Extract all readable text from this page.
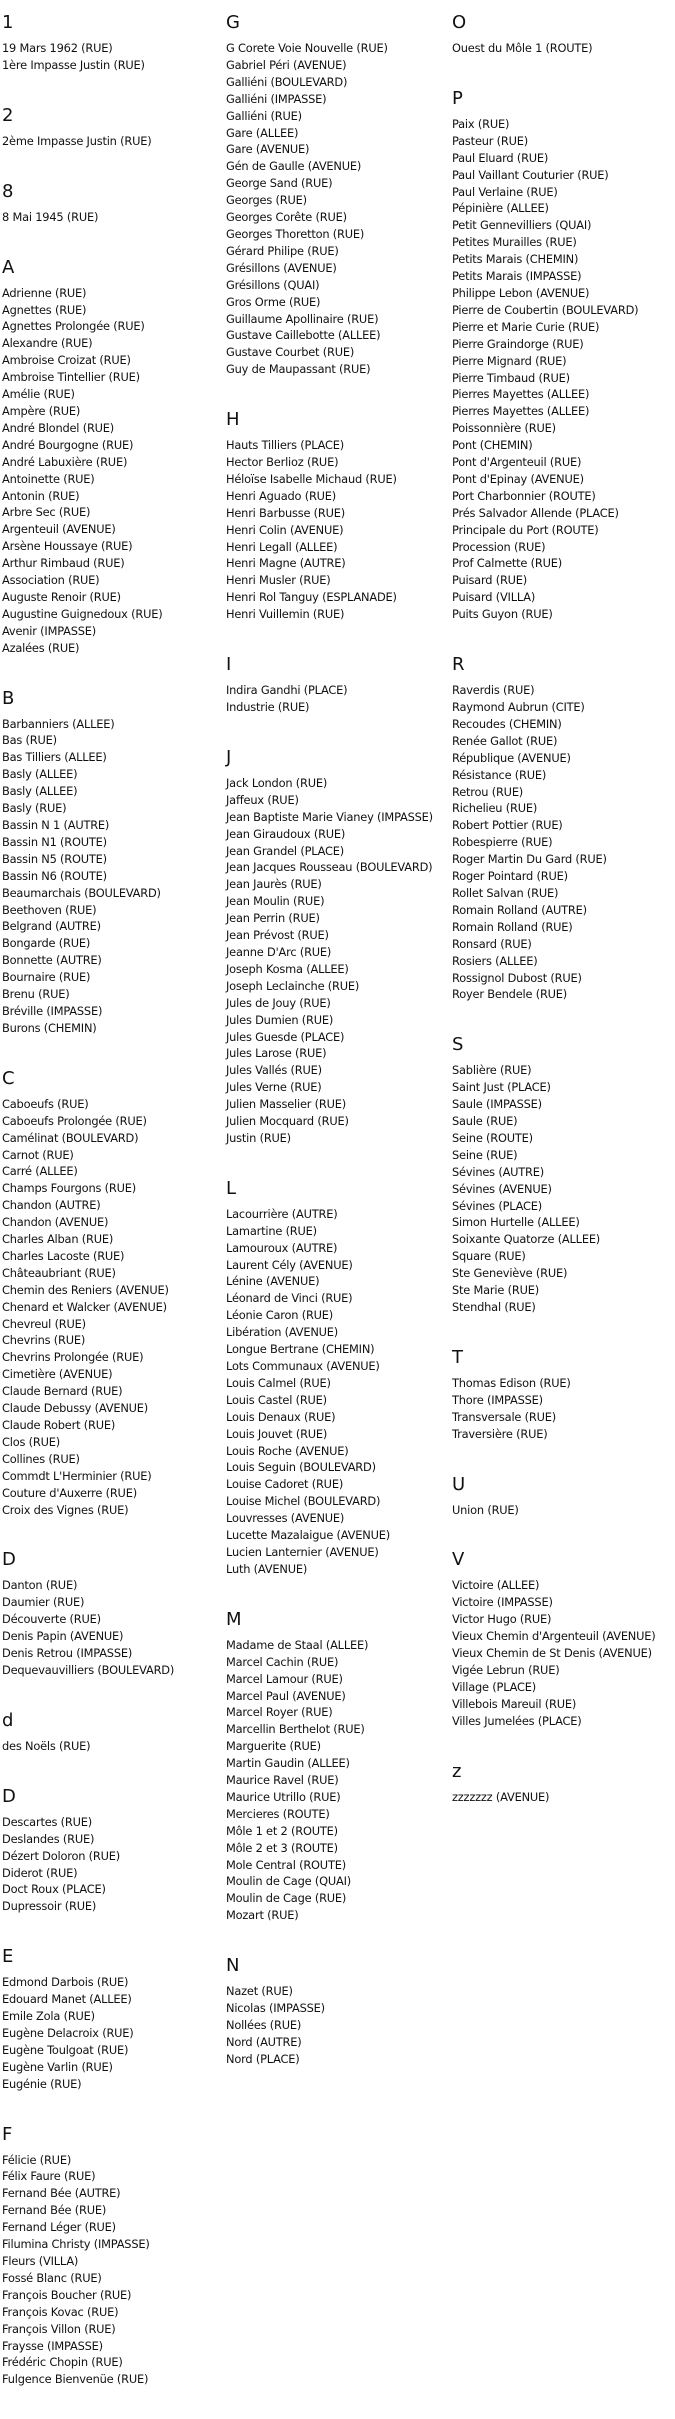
1
19 Mars 1962 (RUE)
1ère Impasse Justin (RUE)
2
2ème Impasse Justin (RUE)
8
8 Mai 1945 (RUE)
A
Adrienne (RUE)
Agnettes (RUE)
Agnettes Prolongée (RUE)
Alexandre (RUE)
Ambroise Croizat (RUE)
Ambroise Tintellier (RUE)
Amélie (RUE)
Ampère (RUE)
André Blondel (RUE)
André Bourgogne (RUE)
André Labuxière (RUE)
Antoinette (RUE)
Antonin (RUE)
Arbre Sec (RUE)
Argenteuil (AVENUE)
Arsène Houssaye (RUE)
Arthur Rimbaud (RUE)
Association (RUE)
Auguste Renoir (RUE)
Augustine Guignedoux (RUE)
Avenir (IMPASSE)
Azalées (RUE)
B
Barbanniers (ALLEE)
Bas (RUE)
Bas Tilliers (ALLEE)
Basly (ALLEE)
Basly (ALLEE)
Basly (RUE)
Bassin N 1 (AUTRE)
Bassin N1 (ROUTE)
Bassin N5 (ROUTE)
Bassin N6 (ROUTE)
Beaumarchais (BOULEVARD)
Beethoven (RUE)
Belgrand (AUTRE)
Bongarde (RUE)
Bonnette (AUTRE)
Bournaire (RUE)
Brenu (RUE)
Bréville (IMPASSE)
Burons (CHEMIN)
C
Caboeufs (RUE)
Caboeufs Prolongée (RUE)
Camélinat (BOULEVARD)
Carnot (RUE)
Carré (ALLEE)
Champs Fourgons (RUE)
Chandon (AUTRE)
Chandon (AVENUE)
Charles Alban (RUE)
Charles Lacoste (RUE)
Châteaubriant (RUE)
Chemin des Reniers (AVENUE)
Chenard et Walcker (AVENUE)
Chevreul (RUE)
Chevrins (RUE)
Chevrins Prolongée (RUE)
Cimetière (AVENUE)
Claude Bernard (RUE)
Claude Debussy (AVENUE)
Claude Robert (RUE)
Clos (RUE)
Collines (RUE)
Commdt L'Herminier (RUE)
Couture d'Auxerre (RUE)
Croix des Vignes (RUE)
D
Danton (RUE)
Daumier (RUE)
Découverte (RUE)
Denis Papin (AVENUE)
Denis Retrou (IMPASSE)
Dequevauvilliers (BOULEVARD)
d
des Noëls (RUE)
D
Descartes (RUE)
Deslandes (RUE)
Dézert Doloron (RUE)
Diderot (RUE)
Doct Roux (PLACE)
Dupressoir (RUE)
E
Edmond Darbois (RUE)
Edouard Manet (ALLEE)
Emile Zola (RUE)
Eugène Delacroix (RUE)
Eugène Toulgoat (RUE)
Eugène Varlin (RUE)
Eugénie (RUE)
F
Félicie (RUE)
Félix Faure (RUE)
Fernand Bée (AUTRE)
Fernand Bée (RUE)
Fernand Léger (RUE)
Filumina Christy (IMPASSE)
Fleurs (VILLA)
Fossé Blanc (RUE)
François Boucher (RUE)
François Kovac (RUE)
François Villon (RUE)
Fraysse (IMPASSE)
Frédéric Chopin (RUE)
Fulgence Bienvenüe (RUE)
G
G Corete Voie Nouvelle (RUE)
Gabriel Péri (AVENUE)
Galliéni (BOULEVARD)
Galliéni (IMPASSE)
Galliéni (RUE)
Gare (ALLEE)
Gare (AVENUE)
Gén de Gaulle (AVENUE)
George Sand (RUE)
Georges (RUE)
Georges Corête (RUE)
Georges Thoretton (RUE)
Gérard Philipe (RUE)
Grésillons (AVENUE)
Grésillons (QUAI)
Gros Orme (RUE)
Guillaume Apollinaire (RUE)
Gustave Caillebotte (ALLEE)
Gustave Courbet (RUE)
Guy de Maupassant (RUE)
H
Hauts Tilliers (PLACE)
Hector Berlioz (RUE)
Héloïse Isabelle Michaud (RUE)
Henri Aguado (RUE)
Henri Barbusse (RUE)
Henri Colin (AVENUE)
Henri Legall (ALLEE)
Henri Magne (AUTRE)
Henri Musler (RUE)
Henri Rol Tanguy (ESPLANADE)
Henri Vuillemin (RUE)
I
Indira Gandhi (PLACE)
Industrie (RUE)
J
Jack London (RUE)
Jaffeux (RUE)
Jean Baptiste Marie Vianey (IMPASSE)
Jean Giraudoux (RUE)
Jean Grandel (PLACE)
Jean Jacques Rousseau (BOULEVARD)
Jean Jaurès (RUE)
Jean Moulin (RUE)
Jean Perrin (RUE)
Jean Prévost (RUE)
Jeanne D'Arc (RUE)
Joseph Kosma (ALLEE)
Joseph Leclainche (RUE)
Jules de Jouy (RUE)
Jules Dumien (RUE)
Jules Guesde (PLACE)
Jules Larose (RUE)
Jules Vallés (RUE)
Jules Verne (RUE)
Julien Masselier (RUE)
Julien Mocquard (RUE)
Justin (RUE)
L
Lacourrière (AUTRE)
Lamartine (RUE)
Lamouroux (AUTRE)
Laurent Cély (AVENUE)
Lénine (AVENUE)
Léonard de Vinci (RUE)
Léonie Caron (RUE)
Libération (AVENUE)
Longue Bertrane (CHEMIN)
Lots Communaux (AVENUE)
Louis Calmel (RUE)
Louis Castel (RUE)
Louis Denaux (RUE)
Louis Jouvet (RUE)
Louis Roche (AVENUE)
Louis Seguin (BOULEVARD)
Louise Cadoret (RUE)
Louise Michel (BOULEVARD)
Louvresses (AVENUE)
Lucette Mazalaigue (AVENUE)
Lucien Lanternier (AVENUE)
Luth (AVENUE)
M
Madame de Staal (ALLEE)
Marcel Cachin (RUE)
Marcel Lamour (RUE)
Marcel Paul (AVENUE)
Marcel Royer (RUE)
Marcellin Berthelot (RUE)
Marguerite (RUE)
Martin Gaudin (ALLEE)
Maurice Ravel (RUE)
Maurice Utrillo (RUE)
Mercieres (ROUTE)
Môle 1 et 2 (ROUTE)
Môle 2 et 3 (ROUTE)
Mole Central (ROUTE)
Moulin de Cage (QUAI)
Moulin de Cage (RUE)
Mozart (RUE)
N
Nazet (RUE)
Nicolas (IMPASSE)
Nollées (RUE)
Nord (AUTRE)
Nord (PLACE)
O
Ouest du Môle 1 (ROUTE)
P
Paix (RUE)
Pasteur (RUE)
Paul Eluard (RUE)
Paul Vaillant Couturier (RUE)
Paul Verlaine (RUE)
Pépinière (ALLEE)
Petit Gennevilliers (QUAI)
Petites Murailles (RUE)
Petits Marais (CHEMIN)
Petits Marais (IMPASSE)
Philippe Lebon (AVENUE)
Pierre de Coubertin (BOULEVARD)
Pierre et Marie Curie (RUE)
Pierre Graindorge (RUE)
Pierre Mignard (RUE)
Pierre Timbaud (RUE)
Pierres Mayettes (ALLEE)
Pierres Mayettes (ALLEE)
Poissonnière (RUE)
Pont (CHEMIN)
Pont d'Argenteuil (RUE)
Pont d'Epinay (AVENUE)
Port Charbonnier (ROUTE)
Prés Salvador Allende (PLACE)
Principale du Port (ROUTE)
Procession (RUE)
Prof Calmette (RUE)
Puisard (RUE)
Puisard (VILLA)
Puits Guyon (RUE)
R
Raverdis (RUE)
Raymond Aubrun (CITE)
Recoudes (CHEMIN)
Renée Gallot (RUE)
République (AVENUE)
Résistance (RUE)
Retrou (RUE)
Richelieu (RUE)
Robert Pottier (RUE)
Robespierre (RUE)
Roger Martin Du Gard (RUE)
Roger Pointard (RUE)
Rollet Salvan (RUE)
Romain Rolland (AUTRE)
Romain Rolland (RUE)
Ronsard (RUE)
Rosiers (ALLEE)
Rossignol Dubost (RUE)
Royer Bendele (RUE)
S
Sablière (RUE)
Saint Just (PLACE)
Saule (IMPASSE)
Saule (RUE)
Seine (ROUTE)
Seine (RUE)
Sévines (AUTRE)
Sévines (AVENUE)
Sévines (PLACE)
Simon Hurtelle (ALLEE)
Soixante Quatorze (ALLEE)
Square (RUE)
Ste Geneviève (RUE)
Ste Marie (RUE)
Stendhal (RUE)
T
Thomas Edison (RUE)
Thore (IMPASSE)
Transversale (RUE)
Traversière (RUE)
U
Union (RUE)
V
Victoire (ALLEE)
Victoire (IMPASSE)
Victor Hugo (RUE)
Vieux Chemin d'Argenteuil (AVENUE)
Vieux Chemin de St Denis (AVENUE)
Vigée Lebrun (RUE)
Village (PLACE)
Villebois Mareuil (RUE)
Villes Jumelées (PLACE)
z
zzzzzzz (AVENUE)
